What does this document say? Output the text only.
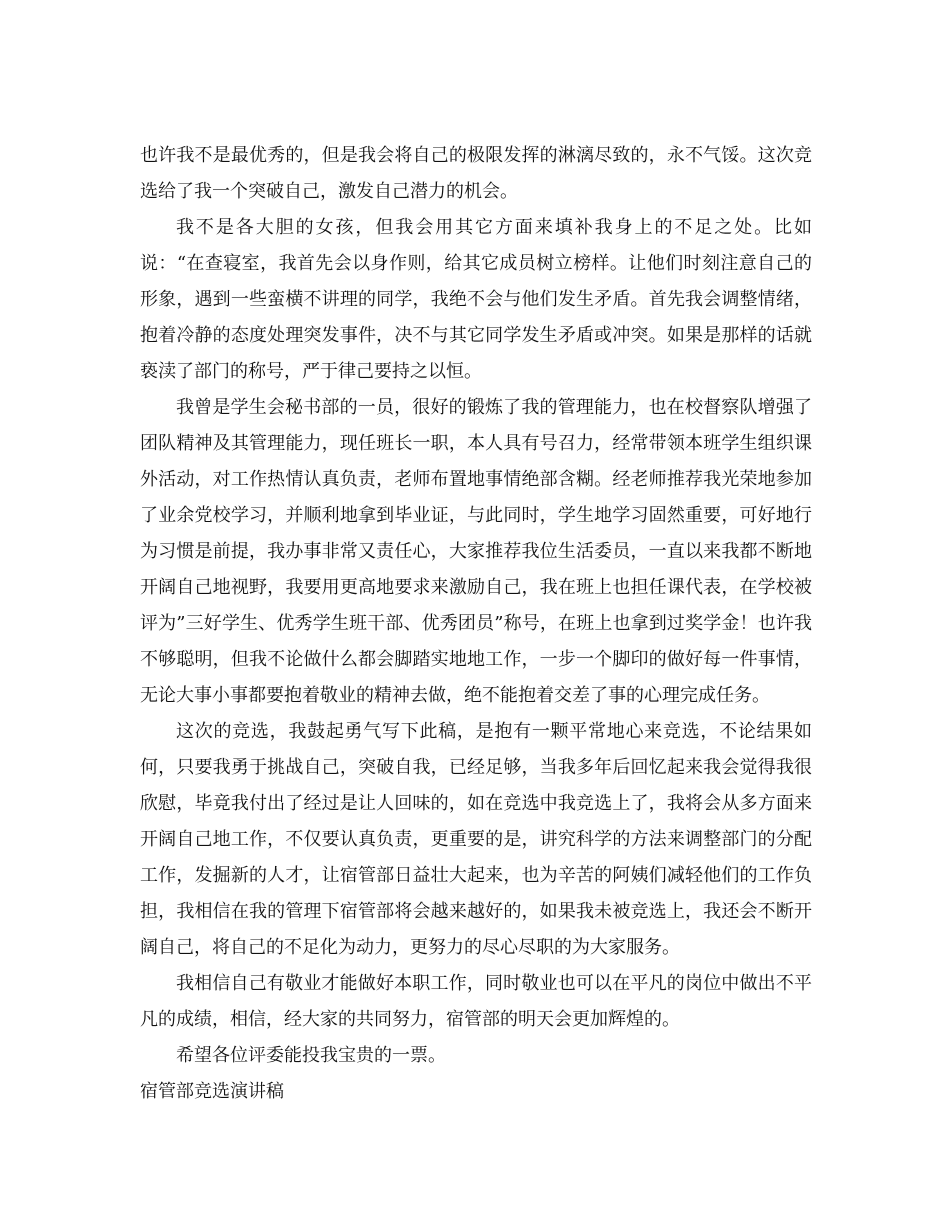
也许我不是最优秀的，但是我会将自己的极限发挥的淋漓尽致的，永不气馁。这次竞选给了我一个突破自己，激发自己潜力的机会。

我不是各大胆的女孩，但我会用其它方面来填补我身上的不足之处。比如说：“在查寝室，我首先会以身作则，给其它成员树立榜样。让他们时刻注意自己的形象，遇到一些蛮横不讲理的同学，我绝不会与他们发生矛盾。首先我会调整情绪，抱着冷静的态度处理突发事件，决不与其它同学发生矛盾或冲突。如果是那样的话就亵渎了部门的称号，严于律己要持之以恒。

我曾是学生会秘书部的一员，很好的锻炼了我的管理能力，也在校督察队增强了团队精神及其管理能力，现任班长一职，本人具有号召力，经常带领本班学生组织课外活动，对工作热情认真负责，老师布置地事情绝部含糊。经老师推荐我光荣地参加了业余党校学习，并顺利地拿到毕业证，与此同时，学生地学习固然重要，可好地行为习惯是前提，我办事非常又责任心，大家推荐我位生活委员，一直以来我都不断地开阔自己地视野，我要用更高地要求来激励自己，我在班上也担任课代表，在学校被评为”三好学生、优秀学生班干部、优秀团员”称号，在班上也拿到过奖学金！也许我不够聪明，但我不论做什么都会脚踏实地地工作，一步一个脚印的做好每一件事情，无论大事小事都要抱着敬业的精神去做，绝不能抱着交差了事的心理完成任务。

这次的竞选，我鼓起勇气写下此稿，是抱有一颗平常地心来竞选，不论结果如何，只要我勇于挑战自己，突破自我，已经足够，当我多年后回忆起来我会觉得我很欣慰，毕竟我付出了经过是让人回味的，如在竞选中我竞选上了，我将会从多方面来开阔自己地工作，不仅要认真负责，更重要的是，讲究科学的方法来调整部门的分配工作，发掘新的人才，让宿管部日益壮大起来，也为辛苦的阿姨们减轻他们的工作负担，我相信在我的管理下宿管部将会越来越好的，如果我未被竞选上，我还会不断开阔自己，将自己的不足化为动力，更努力的尽心尽职的为大家服务。

我相信自己有敬业才能做好本职工作，同时敬业也可以在平凡的岗位中做出不平凡的成绩，相信，经大家的共同努力，宿管部的明天会更加辉煌的。

希望各位评委能投我宝贵的一票。

宿管部竞选演讲稿
